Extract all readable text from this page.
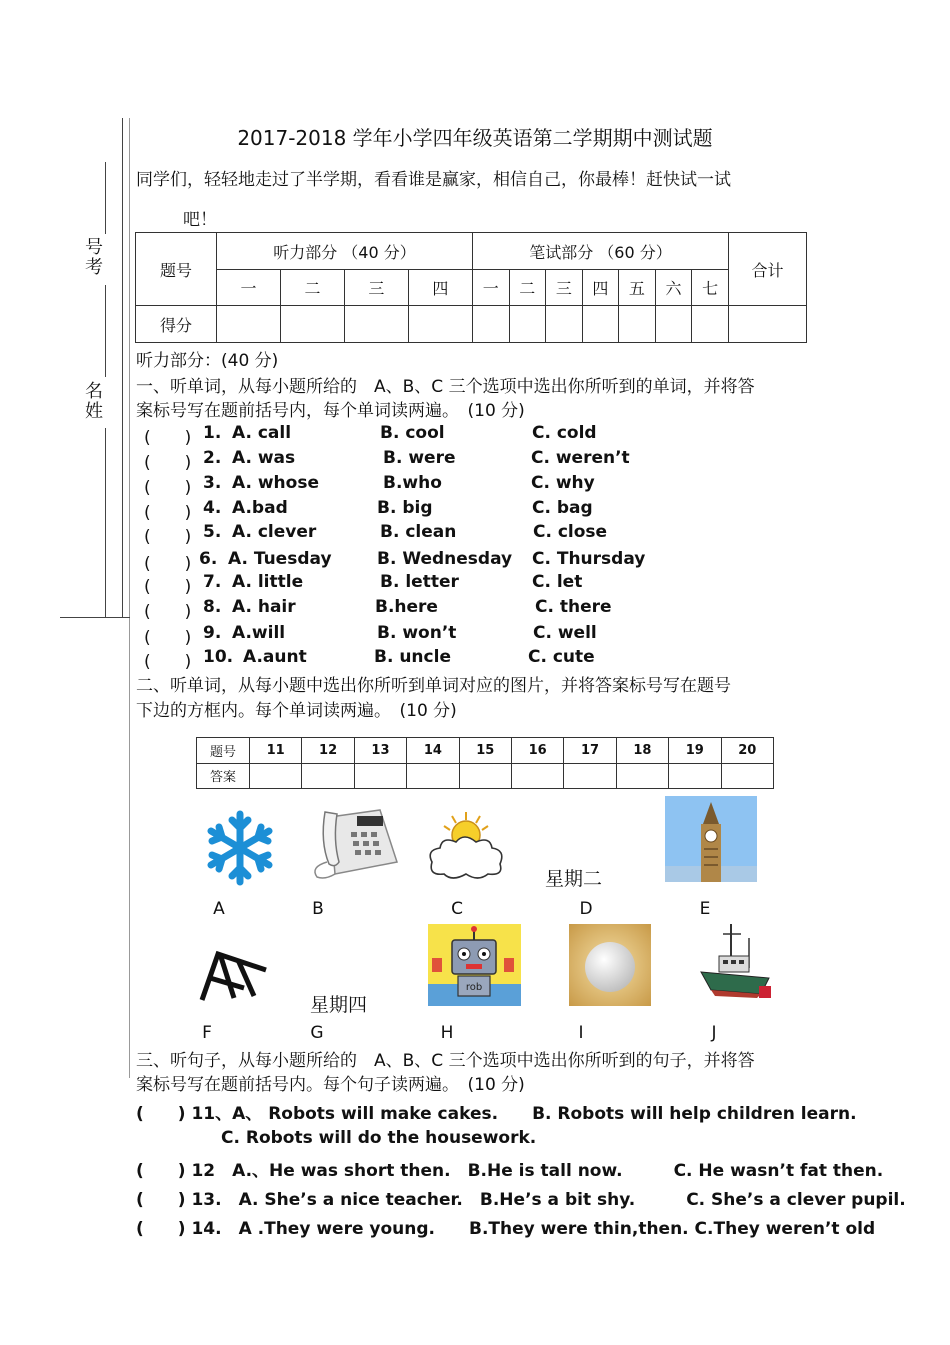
号
考
名
姓
2017-2018 学年小学四年级英语第二学期期中测试题
同学们，轻轻地走过了半学期，看看谁是赢家，相信自己，你最棒！赶快试一试
吧！
题号	听力部分 （40 分）				笔试部分 （60 分）							合计
	一	二	三	四	一	二	三	四	五	六	七	
得分												
听力部分：(40 分)
一、听单词，从每小题所给的　A、B、C 三个选项中选出你所听到的单词，并将答
案标号写在题前括号内，每个单词读两遍。　(10 分)
(　　) 1. A. call	B. cool	C. cold
(　　) 2. A. was	B. were	C. weren’t
(　　) 3. A. whose	B.who	C. why
(　　) 4. A.bad	B. big	C. bag
(　　) 5. A. clever	B. clean	C. close
(　　) 6. A. Tuesday	B. Wednesday C. Thursday
(　　) 7. A. little	B. letter	C. let
(　　) 8. A. hair	B.here	C. there
(　　) 9. A.will	B. won’t	C. well
(　　) 10. A.aunt	B. uncle	C. cute
二、听单词，从每小题中选出你所听到单词对应的图片，并将答案标号写在题号
下边的方框内。每个单词读两遍。　(10 分)
题号	11	12	13	14	15	16	17	18	19	20
答案										
星期二
A	B	C	D	E
星期四
rob
F	G	H	I	J
三、听句子，从每小题所给的　A、B、C 三个选项中选出你所听到的句子，并将答
案标号写在题前括号内。每个句子读两遍。　(10 分)
(　　) 11、A、 Robots will make cakes.　　B. Robots will help children learn.
C. Robots will do the housework.
(　　) 12　A.、He was short then.　B.He is tall now.　　　C. He wasn’t fat then.
(　　) 13.　A. She’s a nice teacher.　B.He’s a bit shy.　　　C. She’s a clever pupil.
(　　) 14.　A .They were young.　　B.They were thin,then. C.They weren’t old
